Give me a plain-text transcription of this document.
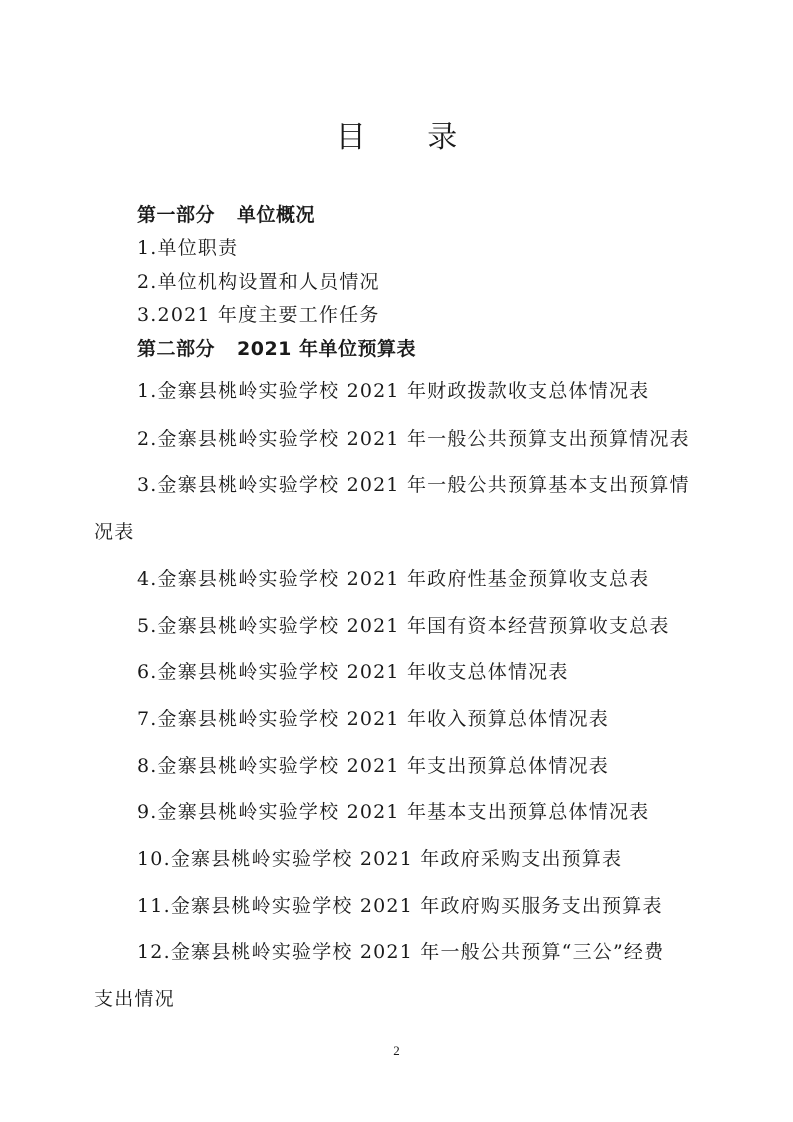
目 录
第一部分 单位概况
1.单位职责
2.单位机构设置和人员情况
3.2021 年度主要工作任务
第二部分 2021 年单位预算表
1.金寨县桃岭实验学校 2021 年财政拨款收支总体情况表
2.金寨县桃岭实验学校 2021 年一般公共预算支出预算情况表
3.金寨县桃岭实验学校 2021 年一般公共预算基本支出预算情
况表
4.金寨县桃岭实验学校 2021 年政府性基金预算收支总表
5.金寨县桃岭实验学校 2021 年国有资本经营预算收支总表
6.金寨县桃岭实验学校 2021 年收支总体情况表
7.金寨县桃岭实验学校 2021 年收入预算总体情况表
8.金寨县桃岭实验学校 2021 年支出预算总体情况表
9.金寨县桃岭实验学校 2021 年基本支出预算总体情况表
10.金寨县桃岭实验学校 2021 年政府采购支出预算表
11.金寨县桃岭实验学校 2021 年政府购买服务支出预算表
12.金寨县桃岭实验学校 2021 年一般公共预算“三公”经费
支出情况
2
